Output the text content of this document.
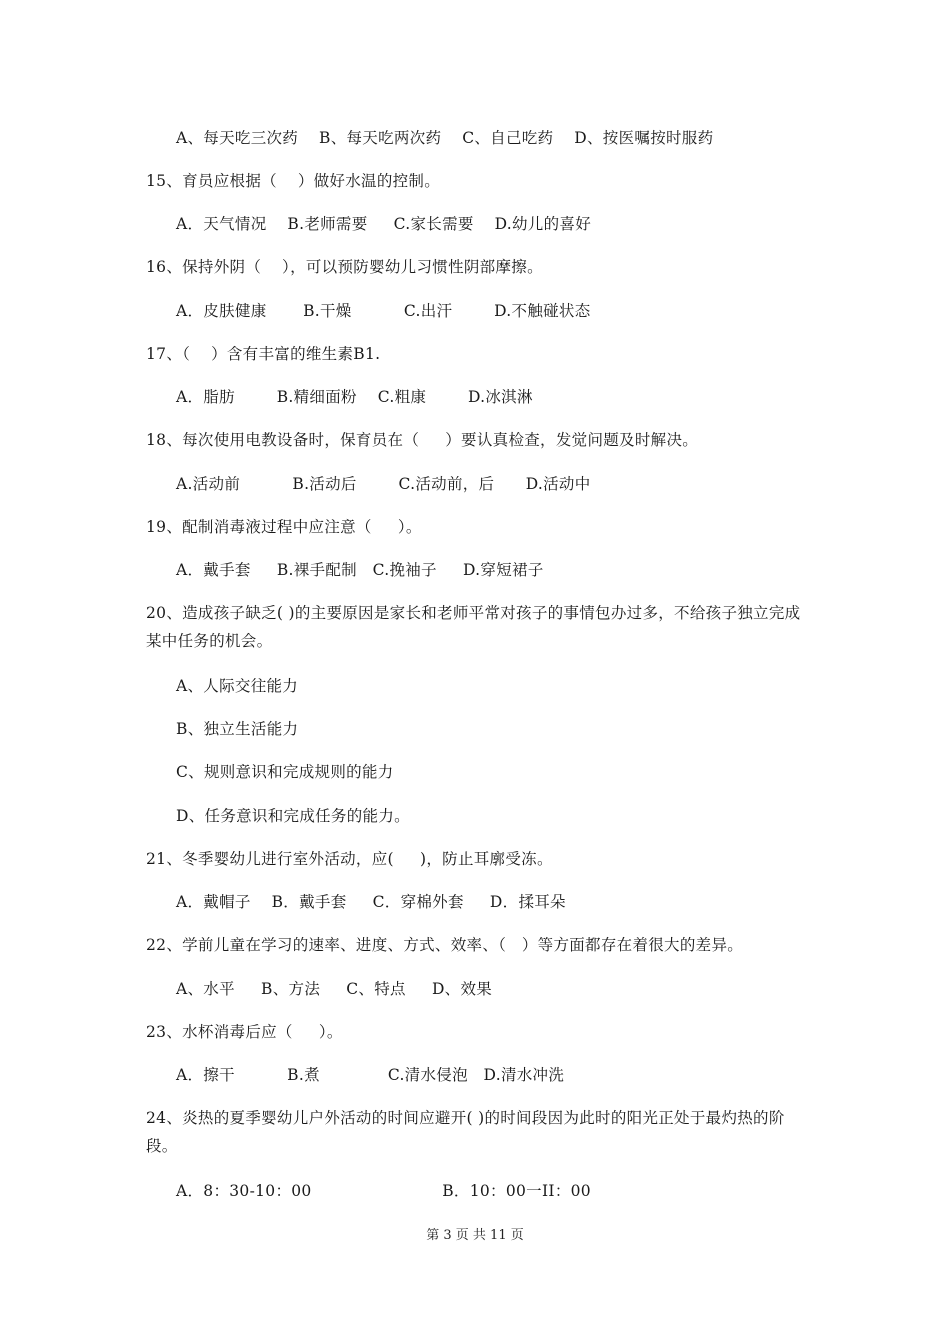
A、每天吃三次药    B、每天吃两次药    C、自己吃药    D、按医嘱按时服药
15、育员应根据（    ）做好水温的控制。
A．天气情况    B.老师需要     C.家长需要    D.幼儿的喜好
16、保持外阴（    ），可以预防婴幼儿习惯性阴部摩擦。
A．皮肤健康       B.干燥          C.出汗        D.不触碰状态
17、（    ）含有丰富的维生素B1.
A．脂肪        B.精细面粉    C.粗康        D.冰淇淋
18、每次使用电教设备时，保育员在（     ）要认真检查，发觉问题及时解决。
A.活动前          B.活动后        C.活动前，后      D.活动中
19、配制消毒液过程中应注意（     ）。
A．戴手套     B.裸手配制   C.挽袖子     D.穿短裙子
20、造成孩子缺乏( )的主要原因是家长和老师平常对孩子的事情包办过多，不给孩子独立完成某中任务的机会。
A、人际交往能力
B、独立生活能力
C、规则意识和完成规则的能力
D、任务意识和完成任务的能力。
21、冬季婴幼儿进行室外活动，应(     )，防止耳廓受冻。
A．戴帽子    B．戴手套     C．穿棉外套     D．揉耳朵
22、学前儿童在学习的速率、进度、方式、效率、（   ）等方面都存在着很大的差异。
A、水平     B、方法     C、特点     D、效果
23、水杯消毒后应（     ）。
A．擦干          B.煮             C.清水侵泡   D.清水冲洗
24、炎热的夏季婴幼儿户外活动的时间应避开( )的时间段因为此时的阳光正处于最灼热的阶段。
A．8：30-10：00                         B．10：00一II：00
第 3 页 共 11 页
